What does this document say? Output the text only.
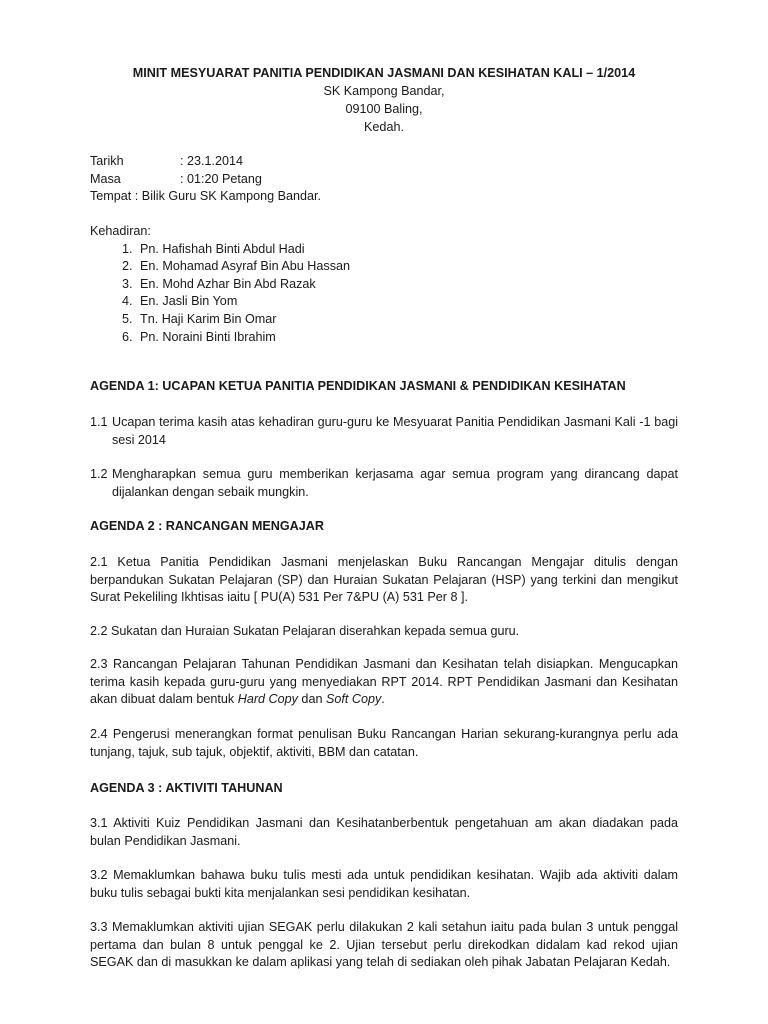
MINIT MESYUARAT PANITIA PENDIDIKAN JASMANI DAN KESIHATAN KALI – 1/2014
SK Kampong Bandar,
09100 Baling,
Kedah.
Tarikh	: 23.1.2014
Masa	: 01:20 Petang
Tempat : Bilik Guru SK Kampong Bandar.
Kehadiran:
1. Pn. Hafishah Binti Abdul Hadi
2. En. Mohamad Asyraf Bin Abu Hassan
3. En. Mohd Azhar Bin Abd Razak
4. En. Jasli Bin Yom
5. Tn. Haji Karim Bin Omar
6. Pn. Noraini Binti Ibrahim
AGENDA 1: UCAPAN KETUA PANITIA PENDIDIKAN JASMANI & PENDIDIKAN KESIHATAN
1.1 Ucapan terima kasih atas kehadiran guru-guru ke Mesyuarat Panitia Pendidikan Jasmani Kali -1 bagi sesi 2014
1.2 Mengharapkan semua guru memberikan kerjasama agar semua program yang dirancang dapat dijalankan dengan sebaik mungkin.
AGENDA 2 : RANCANGAN MENGAJAR
2.1 Ketua Panitia Pendidikan Jasmani menjelaskan Buku Rancangan Mengajar ditulis dengan berpandukan Sukatan Pelajaran (SP) dan Huraian Sukatan Pelajaran (HSP) yang terkini dan mengikut Surat Pekeliling Ikhtisas iaitu [ PU(A) 531 Per 7&PU (A) 531 Per 8 ].
2.2 Sukatan dan Huraian Sukatan Pelajaran diserahkan kepada semua guru.
2.3 Rancangan Pelajaran Tahunan Pendidikan Jasmani dan Kesihatan telah disiapkan. Mengucapkan terima kasih kepada guru-guru yang menyediakan RPT 2014. RPT Pendidikan Jasmani dan Kesihatan akan dibuat dalam bentuk Hard Copy dan Soft Copy.
2.4 Pengerusi menerangkan format penulisan Buku Rancangan Harian sekurang-kurangnya perlu ada tunjang, tajuk, sub tajuk, objektif, aktiviti, BBM dan catatan.
AGENDA 3 : AKTIVITI TAHUNAN
3.1 Aktiviti Kuiz Pendidikan Jasmani dan Kesihatanberbentuk pengetahuan am akan diadakan pada bulan Pendidikan Jasmani.
3.2 Memaklumkan bahawa buku tulis mesti ada untuk pendidikan kesihatan. Wajib ada aktiviti dalam buku tulis sebagai bukti kita menjalankan sesi pendidikan kesihatan.
3.3 Memaklumkan aktiviti ujian SEGAK perlu dilakukan 2 kali setahun iaitu pada bulan 3 untuk penggal pertama dan bulan 8 untuk penggal ke 2. Ujian tersebut perlu direkodkan didalam kad rekod ujian SEGAK dan di masukkan ke dalam aplikasi yang telah di sediakan oleh pihak Jabatan Pelajaran Kedah.
